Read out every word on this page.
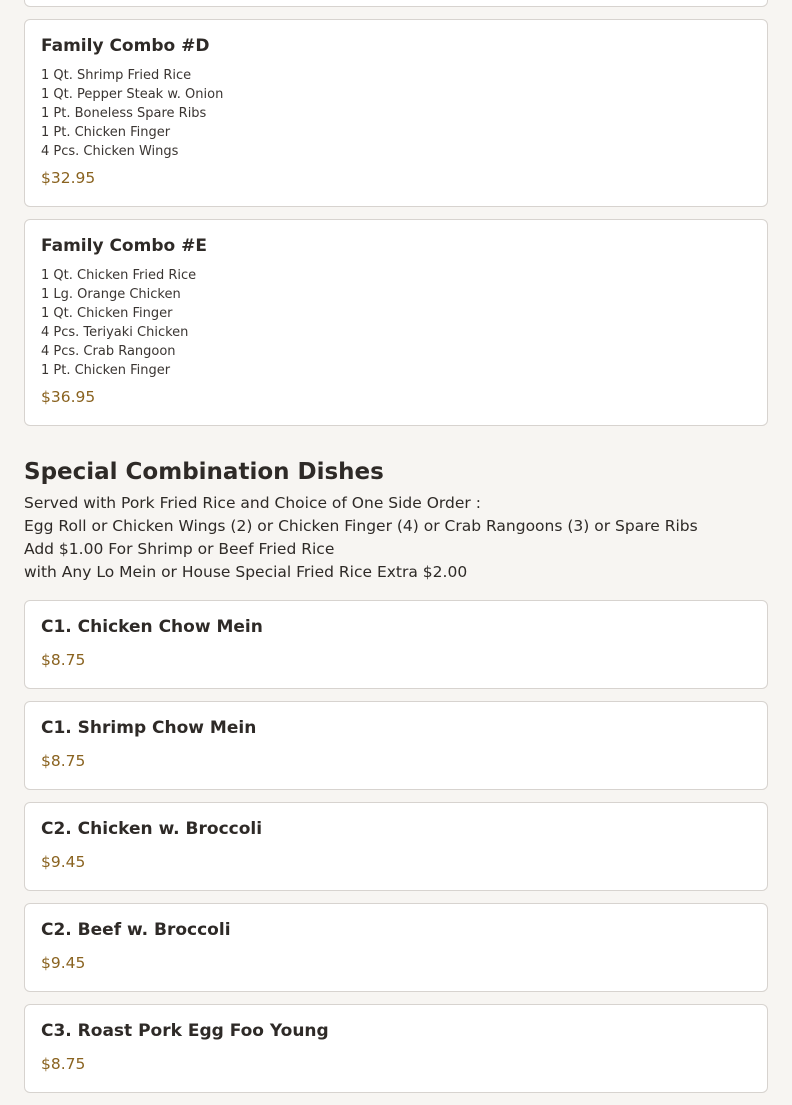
Family Combo #D
1 Qt. Shrimp Fried Rice
1 Qt. Pepper Steak w. Onion
1 Pt. Boneless Spare Ribs
1 Pt. Chicken Finger
4 Pcs. Chicken Wings
$32.95
Family Combo #E
1 Qt. Chicken Fried Rice
1 Lg. Orange Chicken
1 Qt. Chicken Finger
4 Pcs. Teriyaki Chicken
4 Pcs. Crab Rangoon
1 Pt. Chicken Finger
$36.95
Special Combination Dishes
Served with Pork Fried Rice and Choice of One Side Order :
Egg Roll or Chicken Wings (2) or Chicken Finger (4) or Crab Rangoons (3) or Spare Ribs
Add $1.00 For Shrimp or Beef Fried Rice
with Any Lo Mein or House Special Fried Rice Extra $2.00
C1. Chicken Chow Mein
$8.75
C1. Shrimp Chow Mein
$8.75
C2. Chicken w. Broccoli
$9.45
C2. Beef w. Broccoli
$9.45
C3. Roast Pork Egg Foo Young
$8.75
